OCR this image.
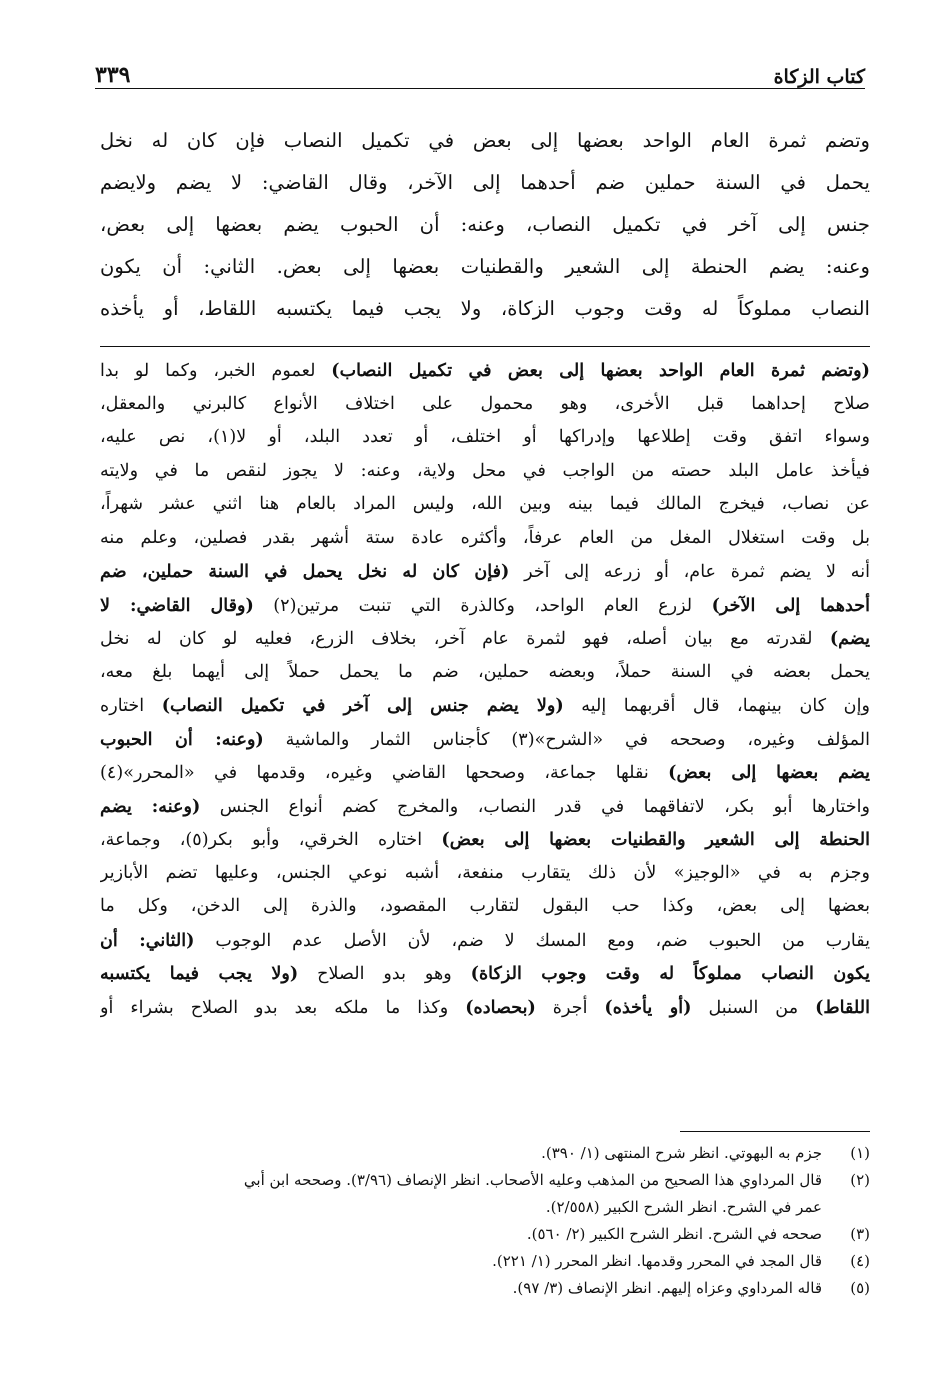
كتاب الزكاة
٣٣٩

وتضم ثمرة العام الواحد بعضها إلى بعض في تكميل النصاب فإن كان له نخل

يحمل في السنة حملين ضم أحدهما إلى الآخر، وقال القاضي: لا يضم ولايضم

جنس إلى آخر في تكميل النصاب، وعنه: أن الحبوب يضم بعضها إلى بعض،

وعنه: يضم الحنطة إلى الشعير والقطنيات بعضها إلى بعض. الثاني: أن يكون

النصاب مملوكاً له وقت وجوب الزكاة، ولا يجب فيما يكتسبه اللقاط، أو يأخذه

(وتضم ثمرة العام الواحد بعضها إلى بعض في تكميل النصاب) لعموم الخبر، وكما لو بدا

صلاح إحداهما قبل الأخرى، وهو محمول على اختلاف الأنواع كالبرني والمعقل،

وسواء اتفق وقت إطلاعها وإدراكها أو اختلف، أو تعدد البلد، أو لا(١)، نص عليه،

فيأخذ عامل البلد حصته من الواجب في محل ولاية، وعنه: لا يجوز لنقص ما في ولايته

عن نصاب، فيخرج المالك فيما بينه وبين الله، وليس المراد بالعام هنا اثني عشر شهراً،

بل وقت استغلال المغل من العام عرفاً، وأكثره عادة ستة أشهر بقدر فصلين، وعلم منه

أنه لا يضم ثمرة عام، أو زرعه إلى آخر (فإن كان له نخل يحمل في السنة حملين، ضم

أحدهما إلى الآخر) لزرع العام الواحد، وكالذرة التي تنبت مرتين(٢) (وقال القاضي: لا

يضم) لقدرته مع بيان أصله، فهو لثمرة عام آخر، بخلاف الزرع، فعليه لو كان له نخل

يحمل بعضه في السنة حملاً، وبعضه حملين، ضم ما يحمل حملاً إلى أيهما بلغ معه،

وإن كان بينهما، قال أقربهما إليه (ولا يضم جنس إلى آخر في تكميل النصاب) اختاره

المؤلف وغيره، وصححه في «الشرح»(٣) كأجناس الثمار والماشية (وعنه: أن الحبوب

يضم بعضها إلى بعض) نقلها جماعة، وصححها القاضي وغيره، وقدمها في «المحرر»(٤)

واختارها أبو بكر، لاتفاقهما في قدر النصاب، والمخرج كضم أنواع الجنس (وعنه: يضم

الحنطة إلى الشعير والقطنيات بعضها إلى بعض) اختاره الخرقي، وأبو بكر(٥)، وجماعة،

وجزم به في «الوجيز» لأن ذلك يتقارب منفعة، أشبه نوعي الجنس، وعليها تضم الأبازير

بعضها إلى بعض، وكذا حب البقول لتقارب المقصود، والذرة إلى الدخن، وكل ما

يقارب من الحبوب ضم، ومع المسك لا ضم، لأن الأصل عدم الوجوب (الثاني: أن

يكون النصاب مملوكاً له وقت وجوب الزكاة) وهو بدو الصلاح (ولا يجب فيما يكتسبه

اللقاط) من السنبل (أو يأخذه) أجرة (بحصاده) وكذا ما ملكه بعد بدو الصلاح بشراء أو

(١)
جزم به البهوتي. انظر شرح المنتهى (١/ ٣٩٠).
(٢)
قال المرداوي هذا الصحيح من المذهب وعليه الأصحاب. انظر الإنصاف (٣/٩٦). وصححه ابن أبي
عمر في الشرح. انظر الشرح الكبير (٢/٥٥٨).
(٣)
صححه في الشرح. انظر الشرح الكبير (٢/ ٥٦٠).
(٤)
قال المجد في المحرر وقدمها. انظر المحرر (١/ ٢٢١).
(٥)
قاله المرداوي وعزاه إليهم. انظر الإنصاف (٣/ ٩٧).
